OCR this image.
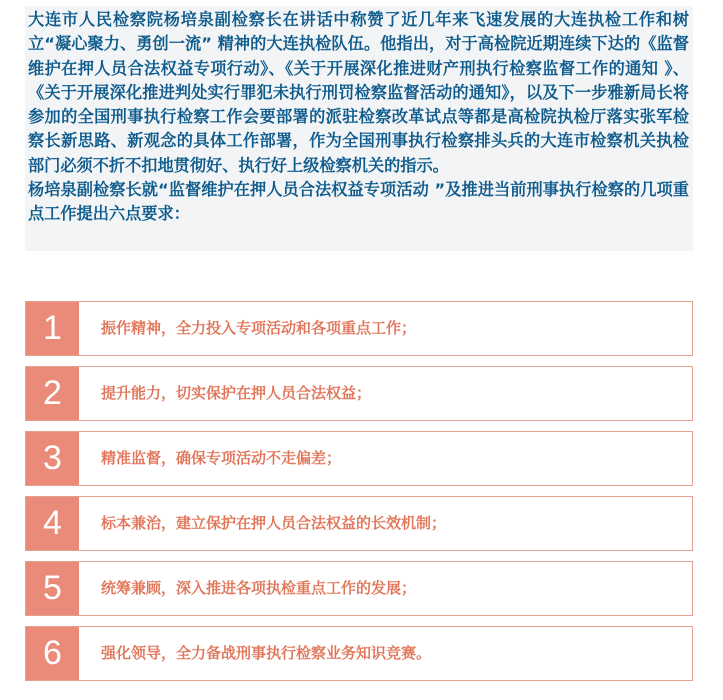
大连市人民检察院杨培泉副检察长在讲话中称赞了近几年来飞速发展的大连执检工作和树立“凝心聚力、勇创一流” 精神的大连执检队伍。他指出，对于高检院近期连续下达的《监督维护在押人员合法权益专项行动》、《关于开展深化推进财产刑执行检察监督工作的通知 》、《关于开展深化推进判处实行罪犯未执行刑罚检察监督活动的通知》，以及下一步雅新局长将参加的全国刑事执行检察工作会要部署的派驻检察改革试点等都是高检院执检厅落实张军检察长新思路、新观念的具体工作部署，作为全国刑事执行检察排头兵的大连市检察机关执检部门必须不折不扣地贯彻好、执行好上级检察机关的指示。

杨培泉副检察长就“监督维护在押人员合法权益专项活动 ”及推进当前刑事执行检察的几项重点工作提出六点要求：

1	振作精神，全力投入专项活动和各项重点工作；
2	提升能力，切实保护在押人员合法权益；
3	精准监督，确保专项活动不走偏差；
4	标本兼治，建立保护在押人员合法权益的长效机制；
5	统筹兼顾，深入推进各项执检重点工作的发展；
6	强化领导，全力备战刑事执行检察业务知识竞赛。
